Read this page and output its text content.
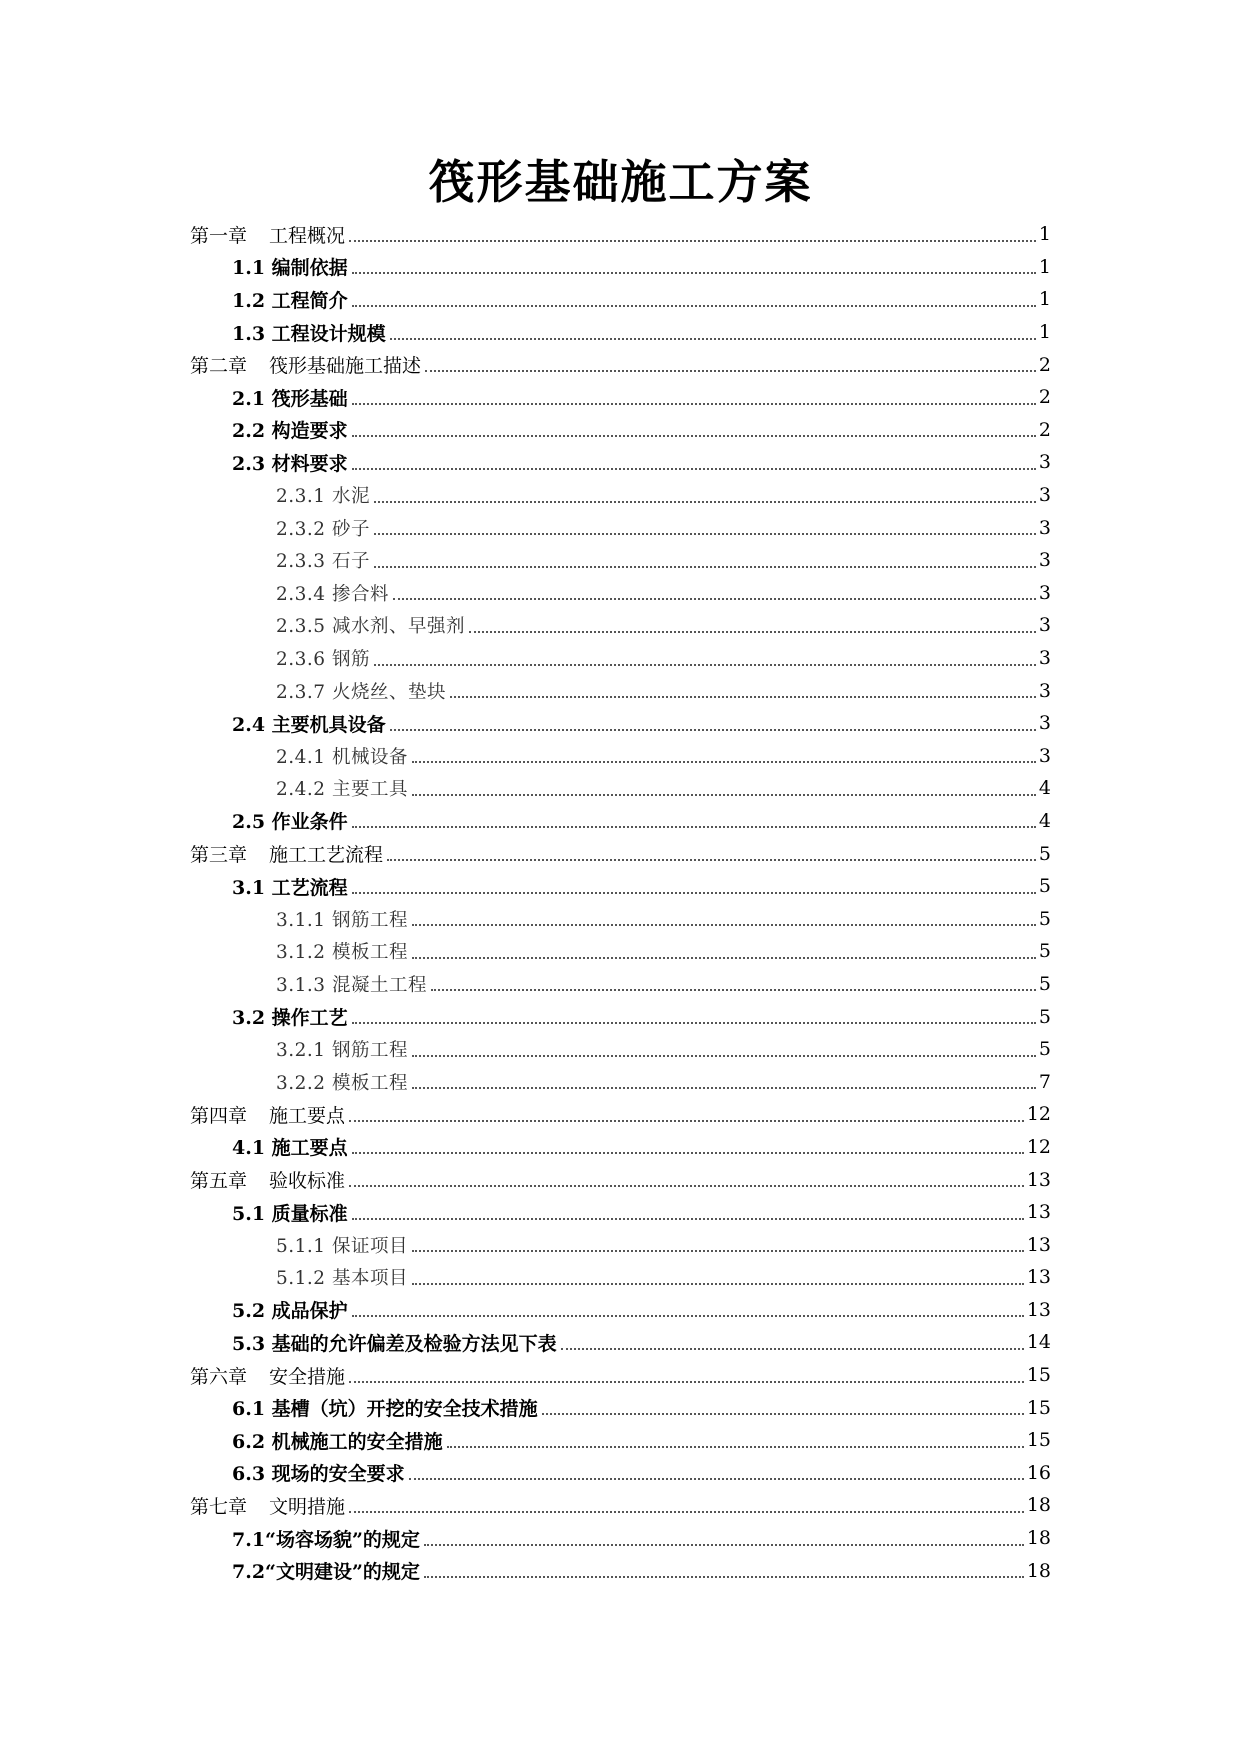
筏形基础施工方案
第一章 工程概况	1
1.1 编制依据	1
1.2 工程简介	1
1.3 工程设计规模	1
第二章 筏形基础施工描述	2
2.1 筏形基础	2
2.2 构造要求	2
2.3 材料要求	3
2.3.1 水泥	3
2.3.2 砂子	3
2.3.3 石子	3
2.3.4 掺合料	3
2.3.5 减水剂、早强剂	3
2.3.6 钢筋	3
2.3.7 火烧丝、垫块	3
2.4 主要机具设备	3
2.4.1 机械设备	3
2.4.2 主要工具	4
2.5 作业条件	4
第三章 施工工艺流程	5
3.1 工艺流程	5
3.1.1 钢筋工程	5
3.1.2 模板工程	5
3.1.3 混凝土工程	5
3.2 操作工艺	5
3.2.1 钢筋工程	5
3.2.2 模板工程	7
第四章 施工要点	12
4.1 施工要点	12
第五章 验收标准	13
5.1 质量标准	13
5.1.1 保证项目	13
5.1.2 基本项目	13
5.2 成品保护	13
5.3 基础的允许偏差及检验方法见下表	14
第六章 安全措施	15
6.1 基槽（坑）开挖的安全技术措施	15
6.2 机械施工的安全措施	15
6.3 现场的安全要求	16
第七章 文明措施	18
7.1“场容场貌”的规定	18
7.2“文明建设”的规定	18
